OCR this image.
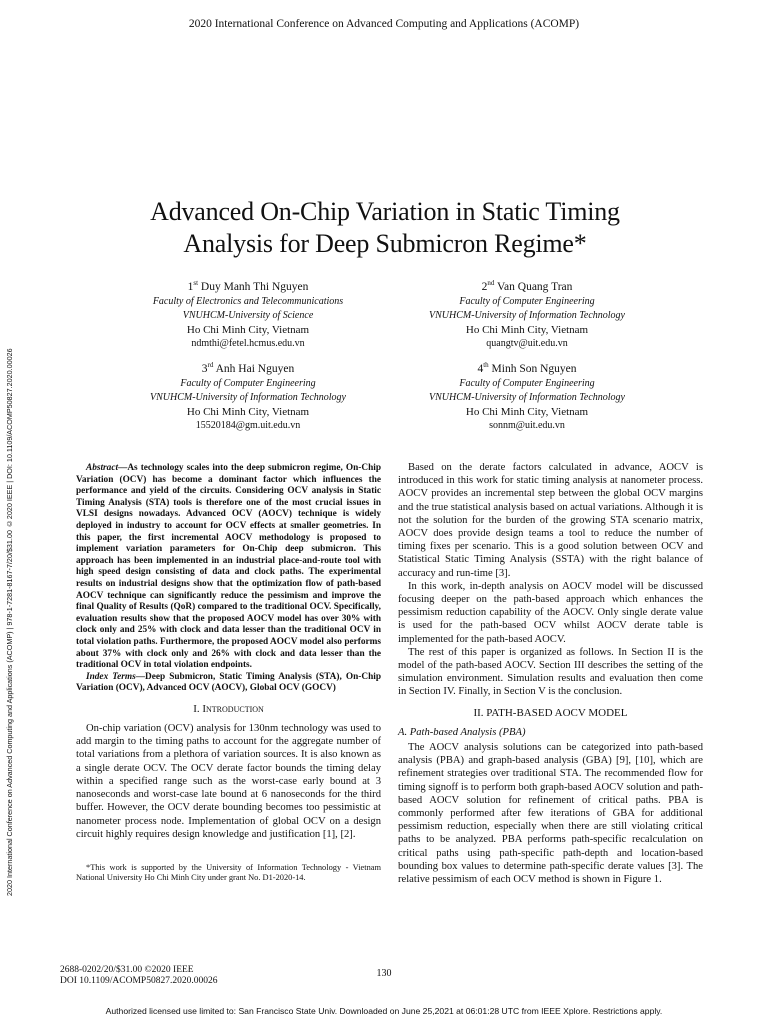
2020 International Conference on Advanced Computing and Applications (ACOMP)
2020 International Conference on Advanced Computing and Applications (ACOMP) | 978-1-7281-8167-7/20/$31.00 ©2020 IEEE | DOI: 10.1109/ACOMP50827.2020.00026
Advanced On-Chip Variation in Static Timing
Analysis for Deep Submicron Regime*
1st Duy Manh Thi Nguyen
Faculty of Electronics and Telecommunications
VNUHCM-University of Science
Ho Chi Minh City, Vietnam
ndmthi@fetel.hcmus.edu.vn
2nd Van Quang Tran
Faculty of Computer Engineering
VNUHCM-University of Information Technology
Ho Chi Minh City, Vietnam
quangtv@uit.edu.vn
3rd Anh Hai Nguyen
Faculty of Computer Engineering
VNUHCM-University of Information Technology
Ho Chi Minh City, Vietnam
15520184@gm.uit.edu.vn
4th Minh Son Nguyen
Faculty of Computer Engineering
VNUHCM-University of Information Technology
Ho Chi Minh City, Vietnam
sonnm@uit.edu.vn

Abstract—As technology scales into the deep submicron regime, On-Chip Variation (OCV) has become a dominant factor which influences the performance and yield of the circuits. Considering OCV analysis in Static Timing Analysis (STA) tools is therefore one of the most crucial issues in VLSI designs nowadays. Advanced OCV (AOCV) technique is widely deployed in industry to account for OCV effects at smaller geometries. In this paper, the first incremental AOCV methodology is proposed to implement variation parameters for On-Chip deep submicron. This approach has been implemented in an industrial place-and-route tool with high speed design consisting of data and clock paths. The experimental results on industrial designs show that the optimization flow of path-based AOCV technique can significantly reduce the pessimism and improve the final Quality of Results (QoR) compared to the traditional OCV. Specifically, evaluation results show that the proposed AOCV model has over 30% with clock only and 25% with clock and data lesser than the traditional OCV in total violation paths. Furthermore, the proposed AOCV model also performs about 37% with clock only and 26% with clock and data lesser than the traditional OCV in total violation endpoints.

Index Terms—Deep Submicron, Static Timing Analysis (STA), On-Chip Variation (OCV), Advanced OCV (AOCV), Global OCV (GOCV)

I. Introduction

On-chip variation (OCV) analysis for 130nm technology was used to add margin to the timing paths to account for the aggregate number of total variations from a plethora of variation sources. It is also known as a single derate OCV. The OCV derate factor bounds the timing delay within a specified range such as the worst-case early bound at 3 nanoseconds and worst-case late bound at 6 nanoseconds for the third buffer. However, the OCV derate bounding becomes too pessimistic at nanometer process node. Implementation of global OCV on a design circuit highly requires design knowledge and justification [1], [2].

*This work is supported by the University of Information Technology - Vietnam National University Ho Chi Minh City under grant No. D1-2020-14.

Based on the derate factors calculated in advance, AOCV is introduced in this work for static timing analysis at nanometer process. AOCV provides an incremental step between the global OCV margins and the true statistical analysis based on actual variations. Although it is not the solution for the burden of the growing STA scenario matrix, AOCV does provide design teams a tool to reduce the number of timing fixes per scenario. This is a good solution between OCV and Statistical Static Timing Analysis (SSTA) with the right balance of accuracy and run-time [3].

In this work, in-depth analysis on AOCV model will be discussed focusing deeper on the path-based approach which enhances the pessimism reduction capability of the AOCV. Only single derate value is used for the path-based OCV whilst AOCV derate table is implemented for the path-based AOCV.

The rest of this paper is organized as follows. In Section II is the model of the path-based AOCV. Section III describes the setting of the simulation environment. Simulation results and evaluation then come in Section IV. Finally, in Section V is the conclusion.

II. PATH-BASED AOCV MODEL
A. Path-based Analysis (PBA)

The AOCV analysis solutions can be categorized into path-based analysis (PBA) and graph-based analysis (GBA) [9], [10], which are refinement strategies over traditional STA. The recommended flow for timing signoff is to perform both graph-based AOCV solution and path-based AOCV solution for refinement of critical paths. PBA is commonly performed after few iterations of GBA for additional pessimism reduction, especially when there are still violating critical paths to be analyzed. PBA performs path-specific recalculation on critical paths using path-specific path-depth and location-based bounding box values to determine path-specific derate values [3]. The relative pessimism of each OCV method is shown in Figure 1.

2688-0202/20/$31.00 ©2020 IEEE
DOI 10.1109/ACOMP50827.2020.00026
130
Authorized licensed use limited to: San Francisco State Univ. Downloaded on June 25,2021 at 06:01:28 UTC from IEEE Xplore. Restrictions apply.
